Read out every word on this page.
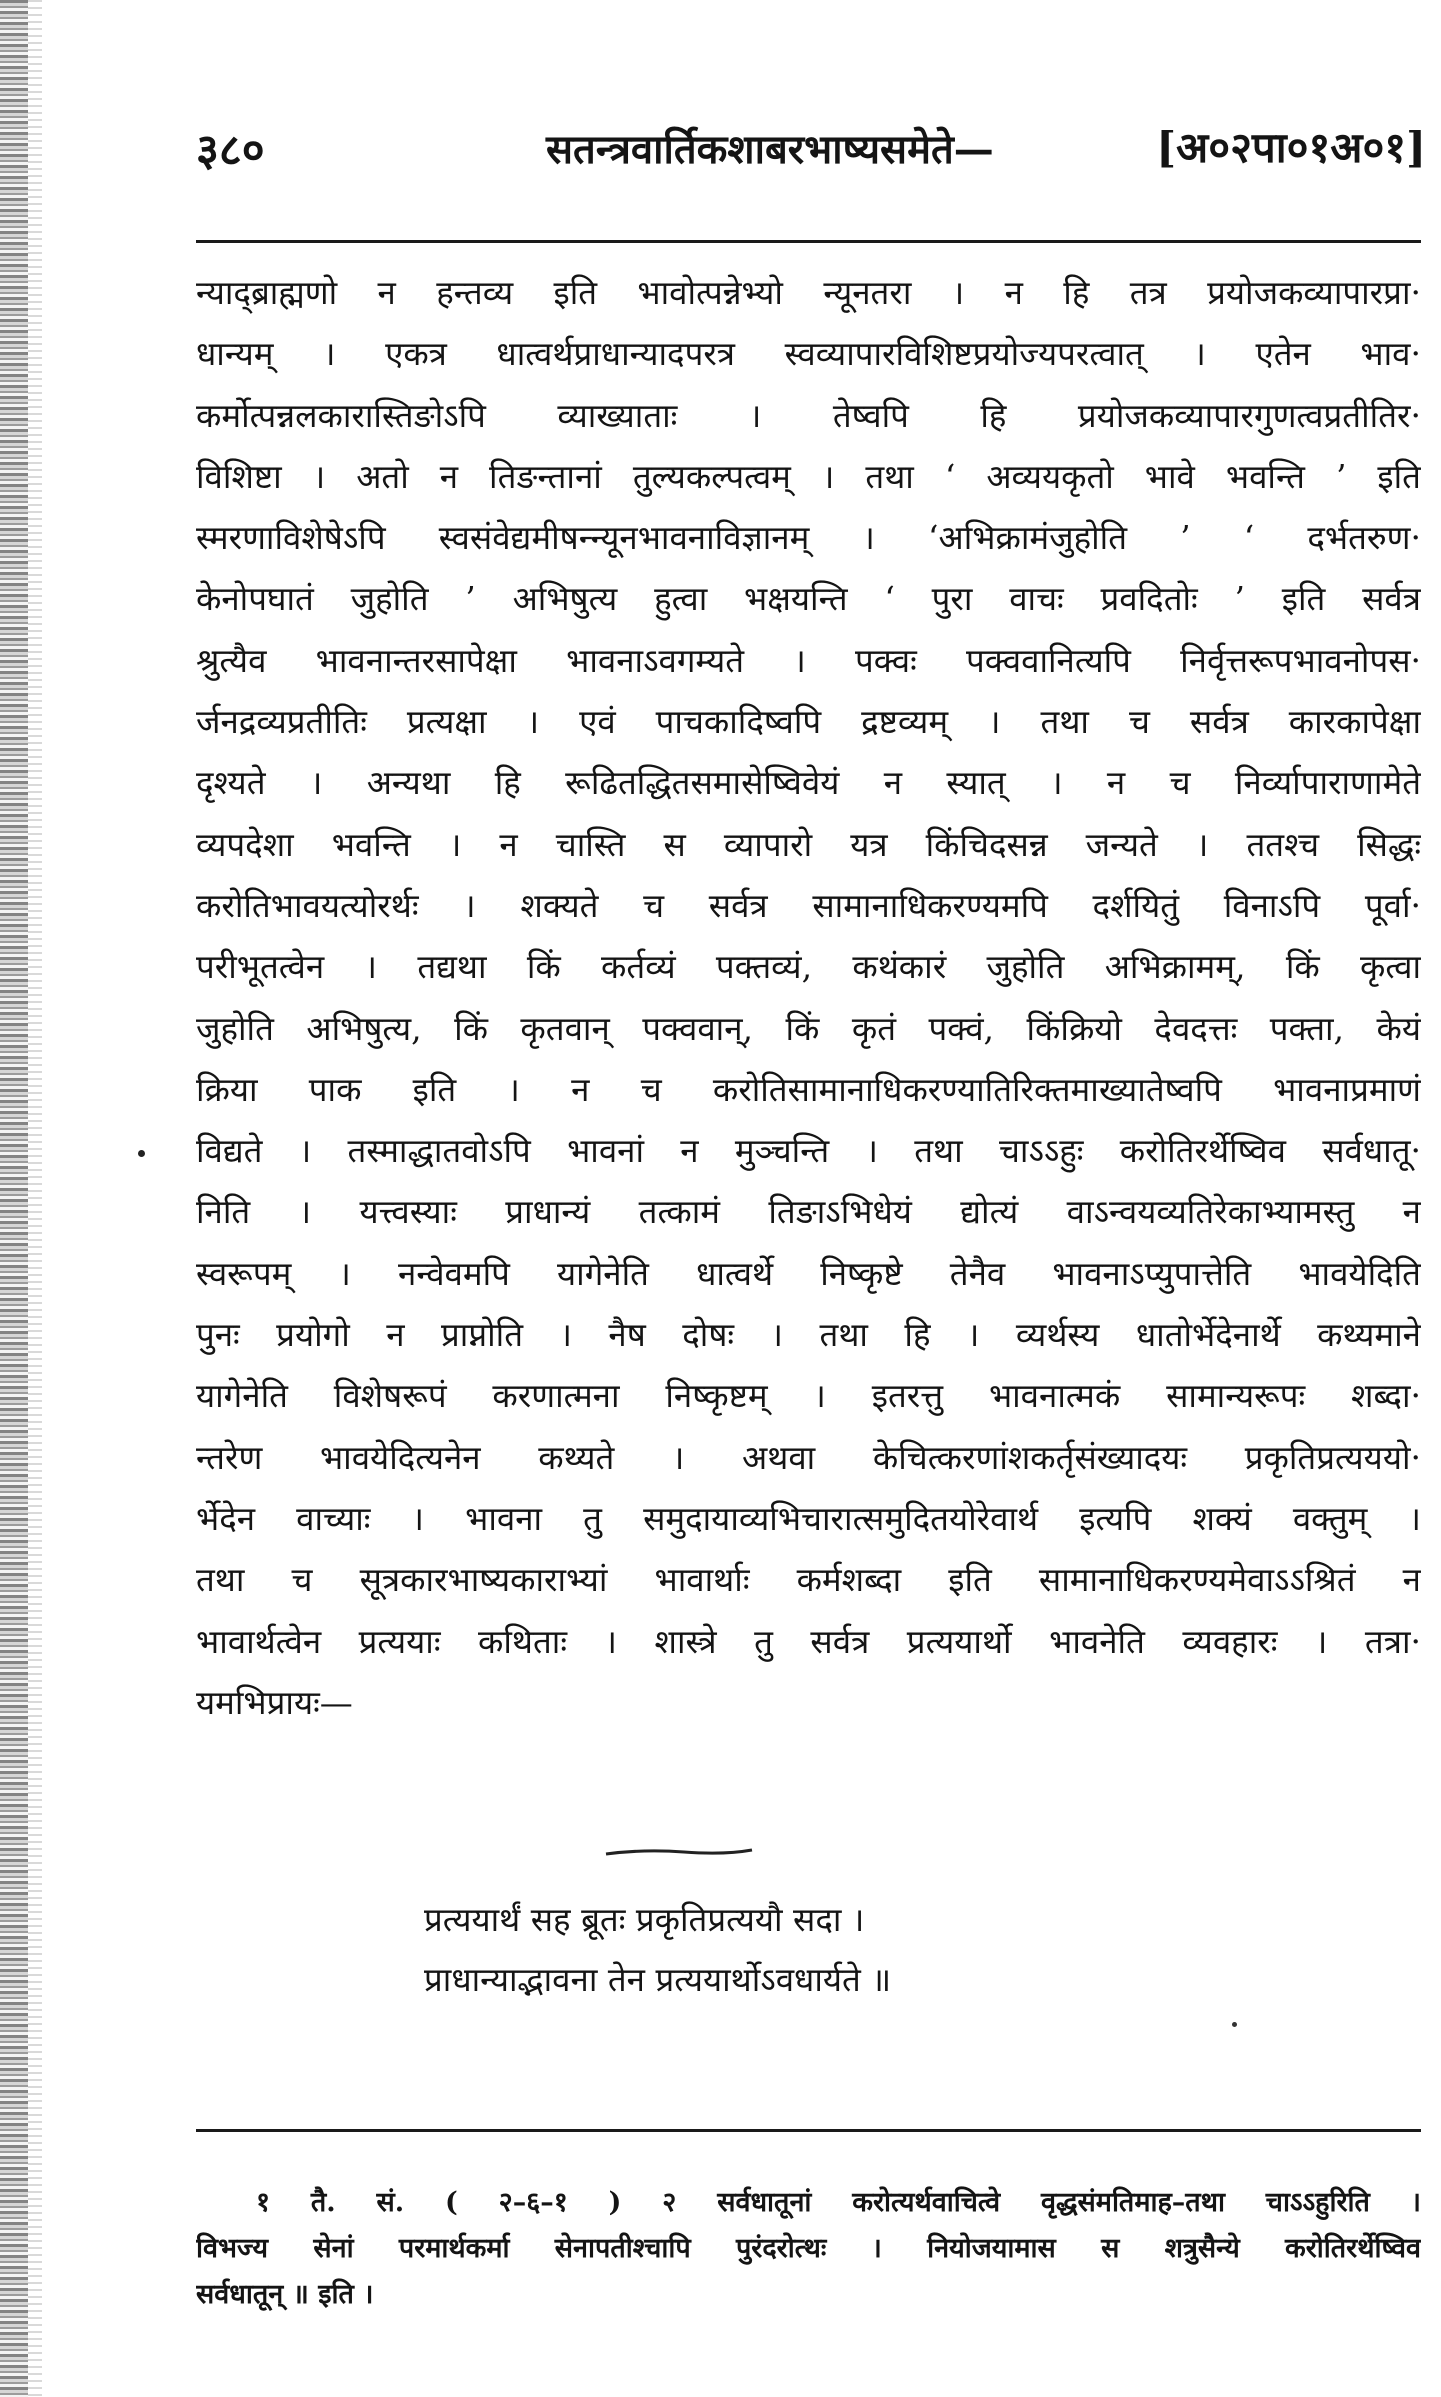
३८०	सतन्त्रवार्तिकशाबरभाष्यसमेते—	[अ०२पा०१अ०१]
न्याद्ब्राह्मणो न हन्तव्य इति भावोत्पन्नेभ्यो न्यूनतरा । न हि तत्र प्रयोजकव्यापारप्रा·
धान्यम् । एकत्र धात्वर्थप्राधान्यादपरत्र स्वव्यापारविशिष्टप्रयोज्यपरत्वात् । एतेन भाव·
कर्मोत्पन्नलकारास्तिङोऽपि व्याख्याताः । तेष्वपि हि प्रयोजकव्यापारगुणत्वप्रतीतिर·
विशिष्टा । अतो न तिङन्तानां तुल्यकल्पत्वम् । तथा ‘ अव्ययकृतो भावे भवन्ति ’ इति
स्मरणाविशेषेऽपि स्वसंवेद्यमीषन्न्यूनभावनाविज्ञानम् । ‘अभिक्रामंजुहोति ’ ‘ दर्भतरुण·
केनोपघातं जुहोति ’ अभिषुत्य हुत्वा भक्षयन्ति ‘ पुरा वाचः प्रवदितोः ’ इति सर्वत्र
श्रुत्यैव भावनान्तरसापेक्षा भावनाऽवगम्यते । पक्वः पक्ववानित्यपि निर्वृत्तरूपभावनोपस·
र्जनद्रव्यप्रतीतिः प्रत्यक्षा । एवं पाचकादिष्वपि द्रष्टव्यम् । तथा च सर्वत्र कारकापेक्षा
दृश्यते । अन्यथा हि रूढितद्धितसमासेष्विवेयं न स्यात् । न च निर्व्यापाराणामेते
व्यपदेशा भवन्ति । न चास्ति स व्यापारो यत्र किंचिदसन्न जन्यते । ततश्च सिद्धः
करोतिभावयत्योरर्थः । शक्यते च सर्वत्र सामानाधिकरण्यमपि दर्शयितुं विनाऽपि पूर्वा·
परीभूतत्वेन । तद्यथा किं कर्तव्यं पक्तव्यं, कथंकारं जुहोति अभिक्रामम्, किं कृत्वा
जुहोति अभिषुत्य, किं कृतवान् पक्ववान्, किं कृतं पक्वं, किंक्रियो देवदत्तः पक्ता, केयं
क्रिया पाक इति । न च करोतिसामानाधिकरण्यातिरिक्तमाख्यातेष्वपि भावनाप्रमाणं
विद्यते । तस्माद्धातवोऽपि भावनां न मुञ्चन्ति । तथा चाऽऽहुः करोतिरर्थेष्विव सर्वधातू·
निति । यत्त्वस्याः प्राधान्यं तत्कामं तिङाऽभिधेयं द्योत्यं वाऽन्वयव्यतिरेकाभ्यामस्तु न
स्वरूपम् । नन्वेवमपि यागेनेति धात्वर्थे निष्कृष्टे तेनैव भावनाऽप्युपात्तेति भावयेदिति
पुनः प्रयोगो न प्राप्नोति । नैष दोषः । तथा हि । व्यर्थस्य धातोर्भेदेनार्थे कथ्यमाने
यागेनेति विशेषरूपं करणात्मना निष्कृष्टम् । इतरत्तु भावनात्मकं सामान्यरूपः शब्दा·
न्तरेण भावयेदित्यनेन कथ्यते । अथवा केचित्करणांशकर्तृसंख्यादयः प्रकृतिप्रत्यययो·
र्भेदेन वाच्याः । भावना तु समुदायाव्यभिचारात्समुदितयोरेवार्थ इत्यपि शक्यं वक्तुम् ।
तथा च सूत्रकारभाष्यकाराभ्यां भावार्थाः कर्मशब्दा इति सामानाधिकरण्यमेवाऽऽश्रितं न
भावार्थत्वेन प्रत्ययाः कथिताः । शास्त्रे तु सर्वत्र प्रत्ययार्थो भावनेति व्यवहारः । तत्रा·
यमभिप्रायः—
प्रत्ययार्थं सह ब्रूतः प्रकृतिप्रत्ययौ सदा ।
प्राधान्याद्भावना तेन प्रत्ययार्थोऽवधार्यते ॥
१ तै. सं. ( २–६–१ ) २ सर्वधातूनां करोत्यर्थवाचित्वे वृद्धसंमतिमाह–तथा चाऽऽहुरिति ।
विभज्य सेनां परमार्थकर्मा सेनापतीश्चापि पुरंदरोत्थः । नियोजयामास स शत्रुसैन्ये करोतिरर्थेष्विव
सर्वधातून् ॥ इति ।
